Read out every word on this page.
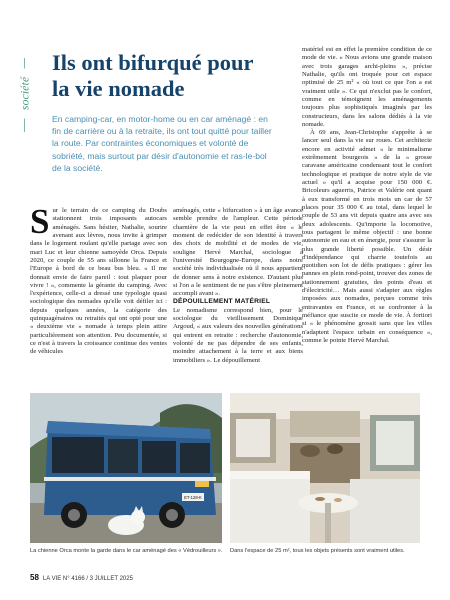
société
Ils ont bifurqué pour la vie nomade

En camping-car, en motor-home ou en car aménagé : en fin de carrière ou à la retraite, ils ont tout quitté pour tailler la route. Par contraintes économiques et volonté de sobriété, mais surtout par désir d'autonomie et ras-le-bol de la société.

S ur le terrain de ce camping du Doubs stationnent trois imposants autocars aménagés. Sans hésiter, Nathalie, sourire avenant aux lèvres, nous invite à grimper dans le logement roulant qu'elle partage avec son mari Luc et leur chienne samoyède Orca. Depuis 2020, ce couple de 55 ans sillonne la France et l'Europe à bord de ce beau bus bleu. « Il me donnait envie de faire pareil : tout plaquer pour vivre ! », commente la gérante du camping. Avec l'expérience, celle-ci a dressé une typologie quasi sociologique des nomades qu'elle voit défiler ici : depuis quelques années, la catégorie des quinquagénaires ou retraités qui ont opté pour une « deuxième vie » nomade à temps plein attire particulièrement son attention. Peu documentée, si ce n'est à travers la croissance continue des ventes de véhicules

aménagés, cette « bifurcation » à un âge avancé semble prendre de l'ampleur. Cette période charnière de la vie peut en effet être « le moment de redécider de son identité à travers des choix de mobilité et de modes de vie, souligne Hervé Marchal, sociologue à l'université Bourgogne-Europe, dans notre société très individualisée où il nous appartient de donner sens à notre existence. D'autant plus si l'on a le sentiment de ne pas s'être pleinement accompli avant ».

DÉPOUILLEMENT MATÉRIEL

Le nomadisme correspond bien, pour le sociologue du vieillissement Dominique Argoud, « aux valeurs des nouvelles générations qui entrent en retraite : recherche d'autonomie, volonté de ne pas dépendre de ses enfants, moindre attachement à la terre et aux biens immobiliers ». Le dépouillement

matériel est en effet la première condition de ce mode de vie. « Nous avions une grande maison avec trois garages archi-pleins », précise Nathalie, qu'ils ont troquée pour cet espace optimisé de 25 m² « où tout ce que l'on a est vraiment utile ». Ce qui n'exclut pas le confort, comme en témoignent les aménagements toujours plus sophistiqués imaginés par les constructeurs, dans les salons dédiés à la vie nomade.

À 69 ans, Jean-Christophe s'apprête à se lancer seul dans la vie sur roues. Cet architecte encore en activité admet « le minimalisme extrêmement bourgeois » de la « grosse caravane américaine condensant tout le confort technologique et pratique de notre style de vie actuel » qu'il a acquise pour 150 000 €. Bricoleurs aguerris, Patrice et Valérie ont quant à eux transformé en trois mois un car de 57 places pour 35 000 € au total, dans lequel le couple de 53 ans vit depuis quatre ans avec ses deux adolescents. Qu'importe la locomotive, tous partagent le même objectif : une bonne autonomie en eau et en énergie, pour s'assurer la plus grande liberté possible. Un désir d'indépendance qui charrie toutefois au quotidien son lot de défis pratiques : gérer les pannes en plein rond-point, trouver des zones de stationnement gratuites, des points d'eau et d'électricité… Mais aussi s'adapter aux règles imposées aux nomades, perçues comme très entravantes en France, et se confronter à la méfiance que suscite ce mode de vie. À fortiori si « le phénomène grossit sans que les villes n'adaptent l'espace urbain en conséquence », comme le pointe Hervé Marchal.

ET-128-K
La chienne Orca monte la garde dans le car aménagé des « Védrouilleurs ». Dans l'espace de 25 m², tous les objets présents sont vraiment utiles.
58 LA VIE N° 4166 / 3 JUILLET 2025
